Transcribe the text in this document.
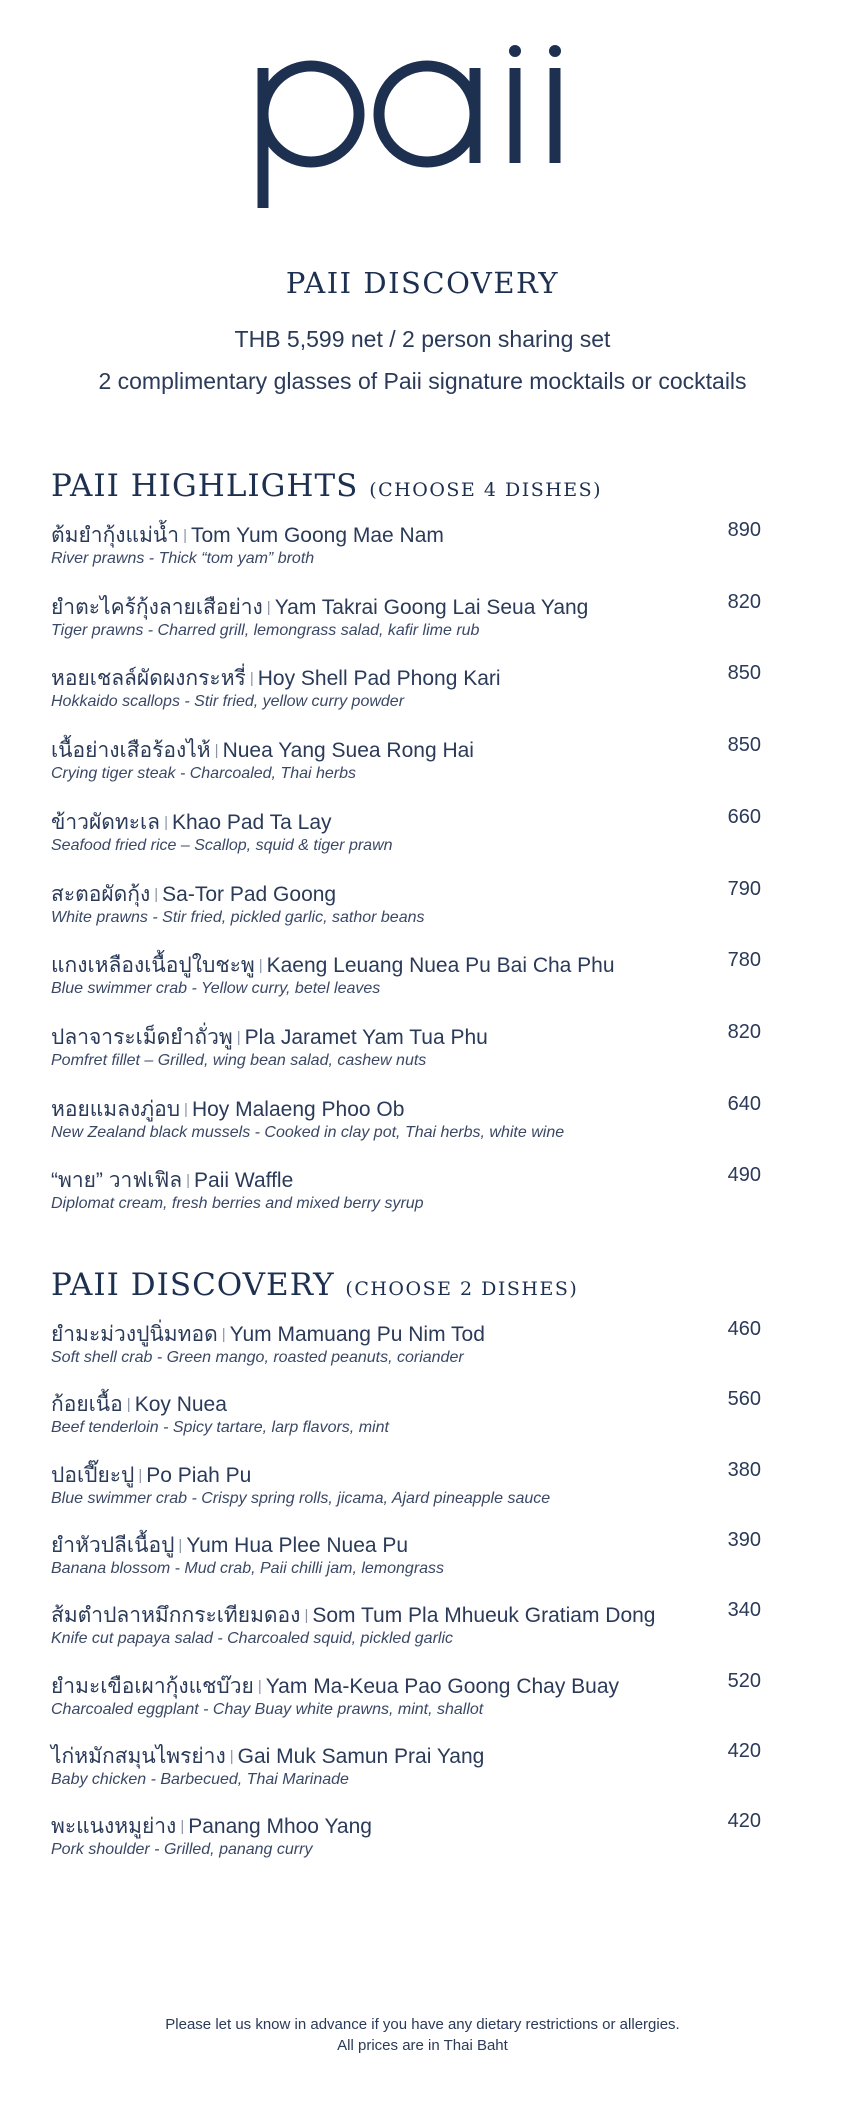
PAII DISCOVERY
THB 5,599 net / 2 person sharing set
2 complimentary glasses of Paii signature mocktails or cocktails
PAII HIGHLIGHTS (CHOOSE 4 DISHES)
ต้มยำกุ้งแม่น้ำ | Tom Yum Goong Mae Nam	890
River prawns - Thick “tom yam” broth
ยำตะไคร้กุ้งลายเสือย่าง | Yam Takrai Goong Lai Seua Yang	820
Tiger prawns - Charred grill, lemongrass salad, kafir lime rub
หอยเชลล์ผัดผงกระหรี่ | Hoy Shell Pad Phong Kari	850
Hokkaido scallops - Stir fried, yellow curry powder
เนื้อย่างเสือร้องไห้ | Nuea Yang Suea Rong Hai	850
Crying tiger steak - Charcoaled, Thai herbs
ข้าวผัดทะเล | Khao Pad Ta Lay	660
Seafood fried rice – Scallop, squid & tiger prawn
สะตอผัดกุ้ง | Sa-Tor Pad Goong	790
White prawns - Stir fried, pickled garlic, sathor beans
แกงเหลืองเนื้อปูใบชะพู | Kaeng Leuang Nuea Pu Bai Cha Phu	780
Blue swimmer crab - Yellow curry, betel leaves
ปลาจาระเม็ดยำถั่วพู | Pla Jaramet Yam Tua Phu	820
Pomfret fillet – Grilled, wing bean salad, cashew nuts
หอยแมลงภู่อบ | Hoy Malaeng Phoo Ob	640
New Zealand black mussels - Cooked in clay pot, Thai herbs, white wine
“พาย” วาฟเฟิล | Paii Waffle	490
Diplomat cream, fresh berries and mixed berry syrup
PAII DISCOVERY (CHOOSE 2 DISHES)
ยำมะม่วงปูนิ่มทอด | Yum Mamuang Pu Nim Tod	460
Soft shell crab - Green mango, roasted peanuts, coriander
ก้อยเนื้อ | Koy Nuea	560
Beef tenderloin - Spicy tartare, larp flavors, mint
ปอเปี๊ยะปู | Po Piah Pu	380
Blue swimmer crab - Crispy spring rolls, jicama, Ajard pineapple sauce
ยำหัวปลีเนื้อปู | Yum Hua Plee Nuea Pu	390
Banana blossom - Mud crab, Paii chilli jam, lemongrass
ส้มตำปลาหมึกกระเทียมดอง | Som Tum Pla Mhueuk Gratiam Dong	340
Knife cut papaya salad - Charcoaled squid, pickled garlic
ยำมะเขือเผากุ้งแชบ๊วย | Yam Ma-Keua Pao Goong Chay Buay	520
Charcoaled eggplant - Chay Buay white prawns, mint, shallot
ไก่หมักสมุนไพรย่าง | Gai Muk Samun Prai Yang	420
Baby chicken - Barbecued, Thai Marinade
พะแนงหมูย่าง | Panang Mhoo Yang	420
Pork shoulder - Grilled, panang curry
Please let us know in advance if you have any dietary restrictions or allergies.
All prices are in Thai Baht
